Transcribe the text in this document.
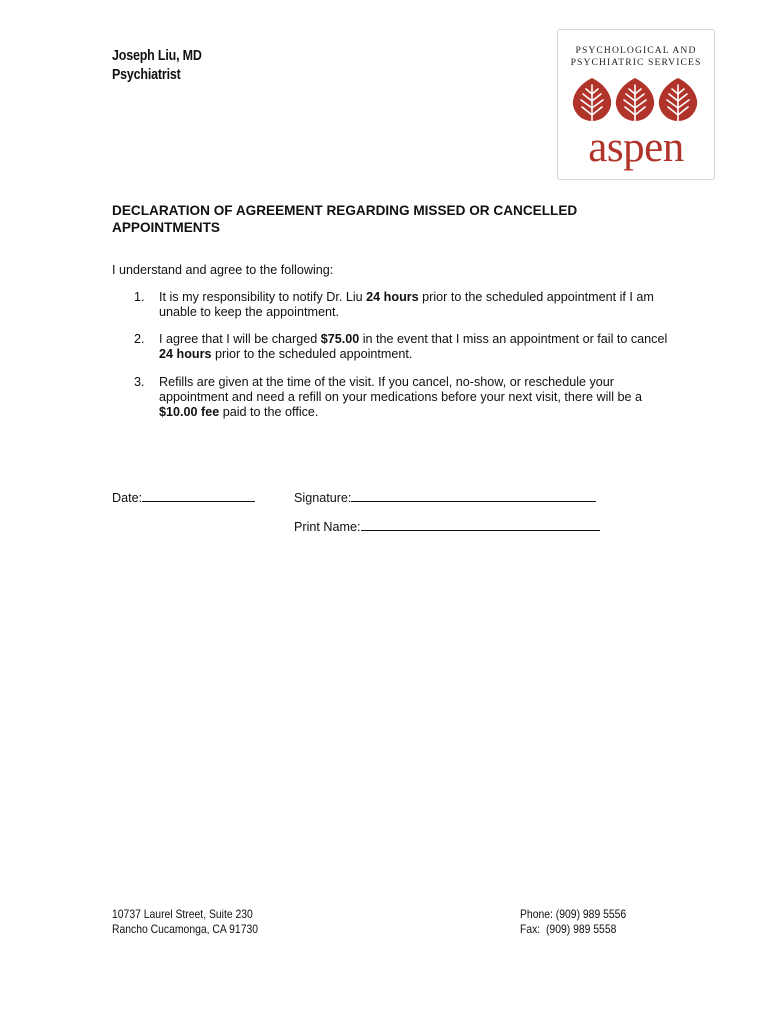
Joseph Liu, MD
Psychiatrist
PSYCHOLOGICAL AND
PSYCHIATRIC SERVICES
aspen
DECLARATION OF AGREEMENT REGARDING MISSED OR CANCELLED
APPOINTMENTS
I understand and agree to the following:
1. It is my responsibility to notify Dr. Liu 24 hours prior to the scheduled appointment if I am unable to keep the appointment.
2. I agree that I will be charged $75.00 in the event that I miss an appointment or fail to cancel 24 hours prior to the scheduled appointment.
3. Refills are given at the time of the visit. If you cancel, no-show, or reschedule your appointment and need a refill on your medications before your next visit, there will be a $10.00 fee paid to the office.
Date:	Signature:
Print Name:
10737 Laurel Street, Suite 230
Rancho Cucamonga, CA 91730
Phone: (909) 989 5556
Fax:  (909) 989 5558
